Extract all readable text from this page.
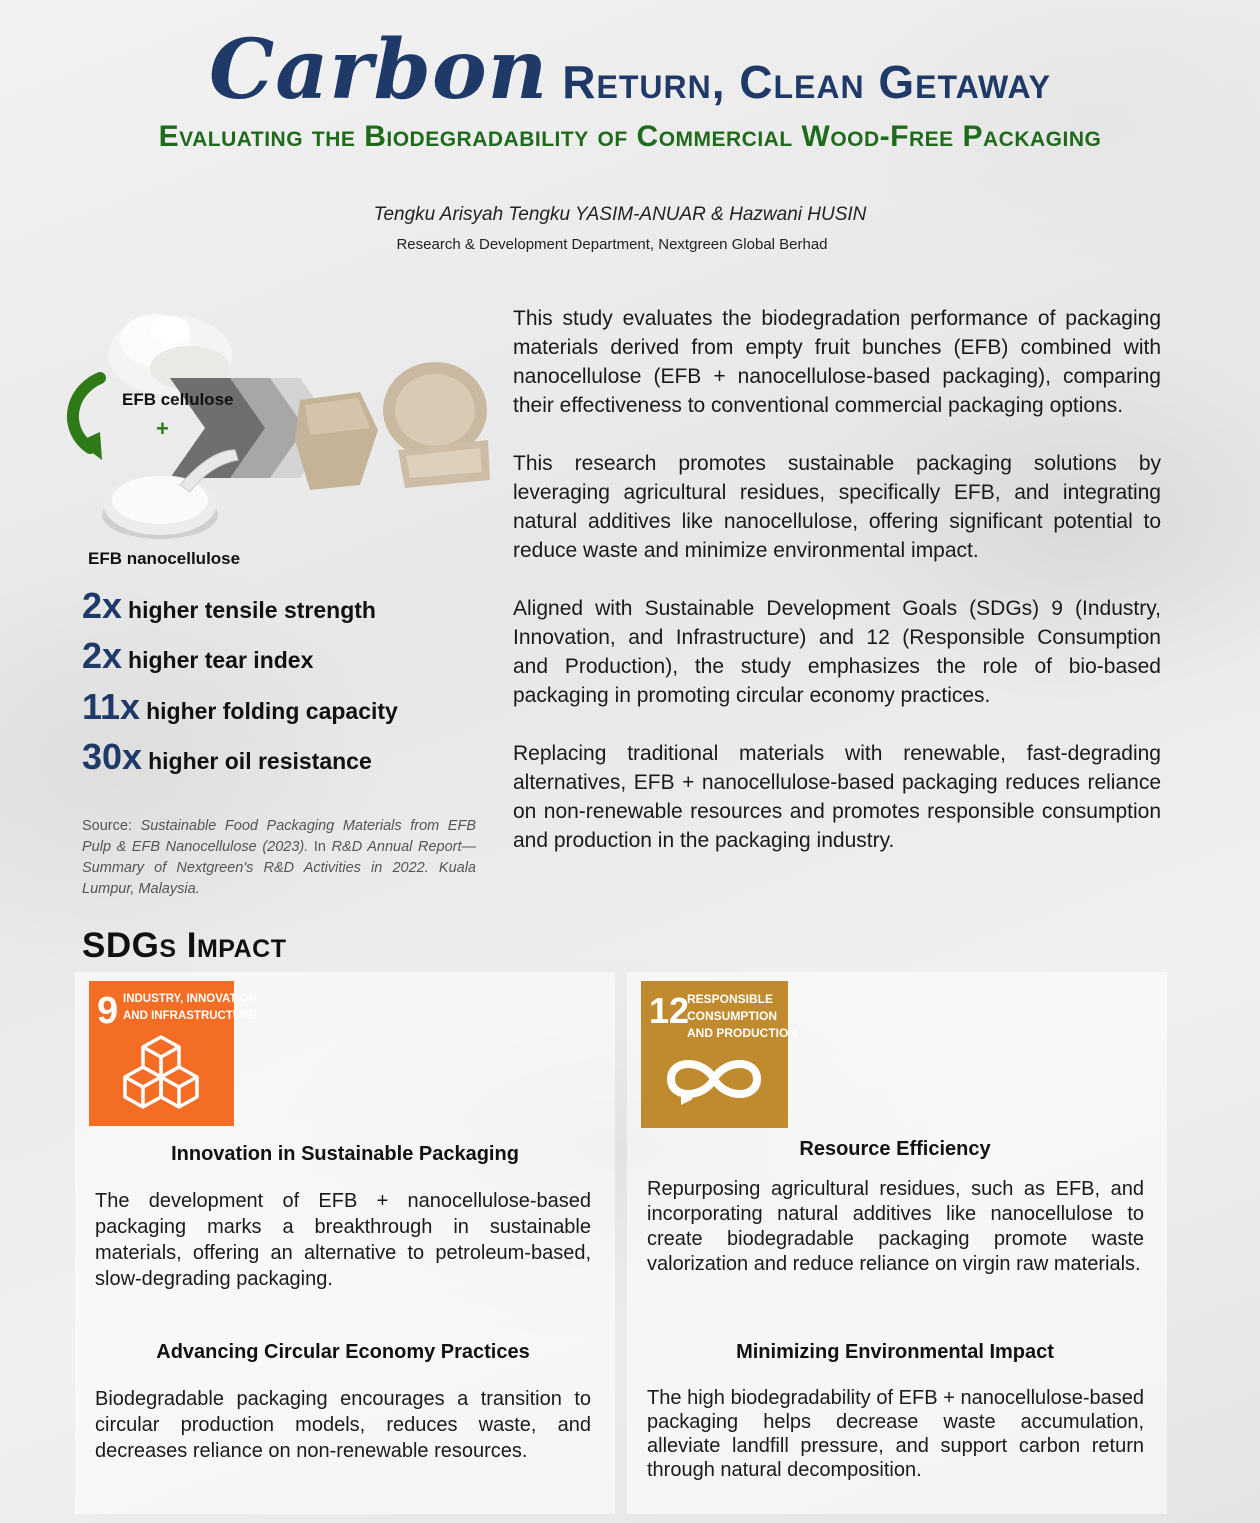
Carbon Return, Clean Getaway
Evaluating the Biodegradability of Commercial Wood-Free Packaging
Tengku Arisyah Tengku YASIM-ANUAR & Hazwani HUSIN
Research & Development Department, Nextgreen Global Berhad
EFB cellulose
+
EFB nanocellulose
2x higher tensile strength
2x higher tear index
11x higher folding capacity
30x higher oil resistance
Source: Sustainable Food Packaging Materials from EFB Pulp & EFB Nanocellulose (2023). In R&D Annual Report— Summary of Nextgreen's R&D Activities in 2022. Kuala Lumpur, Malaysia.

This study evaluates the biodegradation performance of packaging materials derived from empty fruit bunches (EFB) combined with nanocellulose (EFB + nanocellulose-based packaging), comparing their effectiveness to conventional commercial packaging options.

This research promotes sustainable packaging solutions by leveraging agricultural residues, specifically EFB, and integrating natural additives like nanocellulose, offering significant potential to reduce waste and minimize environmental impact.

Aligned with Sustainable Development Goals (SDGs) 9 (Industry, Innovation, and Infrastructure) and 12 (Responsible Consumption and Production), the study emphasizes the role of bio-based packaging in promoting circular economy practices.

Replacing traditional materials with renewable, fast-degrading alternatives, EFB + nanocellulose-based packaging reduces reliance on non-renewable resources and promotes responsible consumption and production in the packaging industry.

SDGs Impact
9 INDUSTRY, INNOVATION
AND INFRASTRUCTURE	12
RESPONSIBLE
CONSUMPTION
AND PRODUCTION
Innovation in Sustainable Packaging
The development of EFB + nanocellulose-based packaging marks a breakthrough in sustainable materials, offering an alternative to petroleum-based, slow-degrading packaging.
Advancing Circular Economy Practices
Biodegradable packaging encourages a transition to circular production models, reduces waste, and decreases reliance on non-renewable resources.
Resource Efficiency
Repurposing agricultural residues, such as EFB, and incorporating natural additives like nanocellulose to create biodegradable packaging promote waste valorization and reduce reliance on virgin raw materials.
Minimizing Environmental Impact
The high biodegradability of EFB + nanocellulose-based packaging helps decrease waste accumulation, alleviate landfill pressure, and support carbon return through natural decomposition.
